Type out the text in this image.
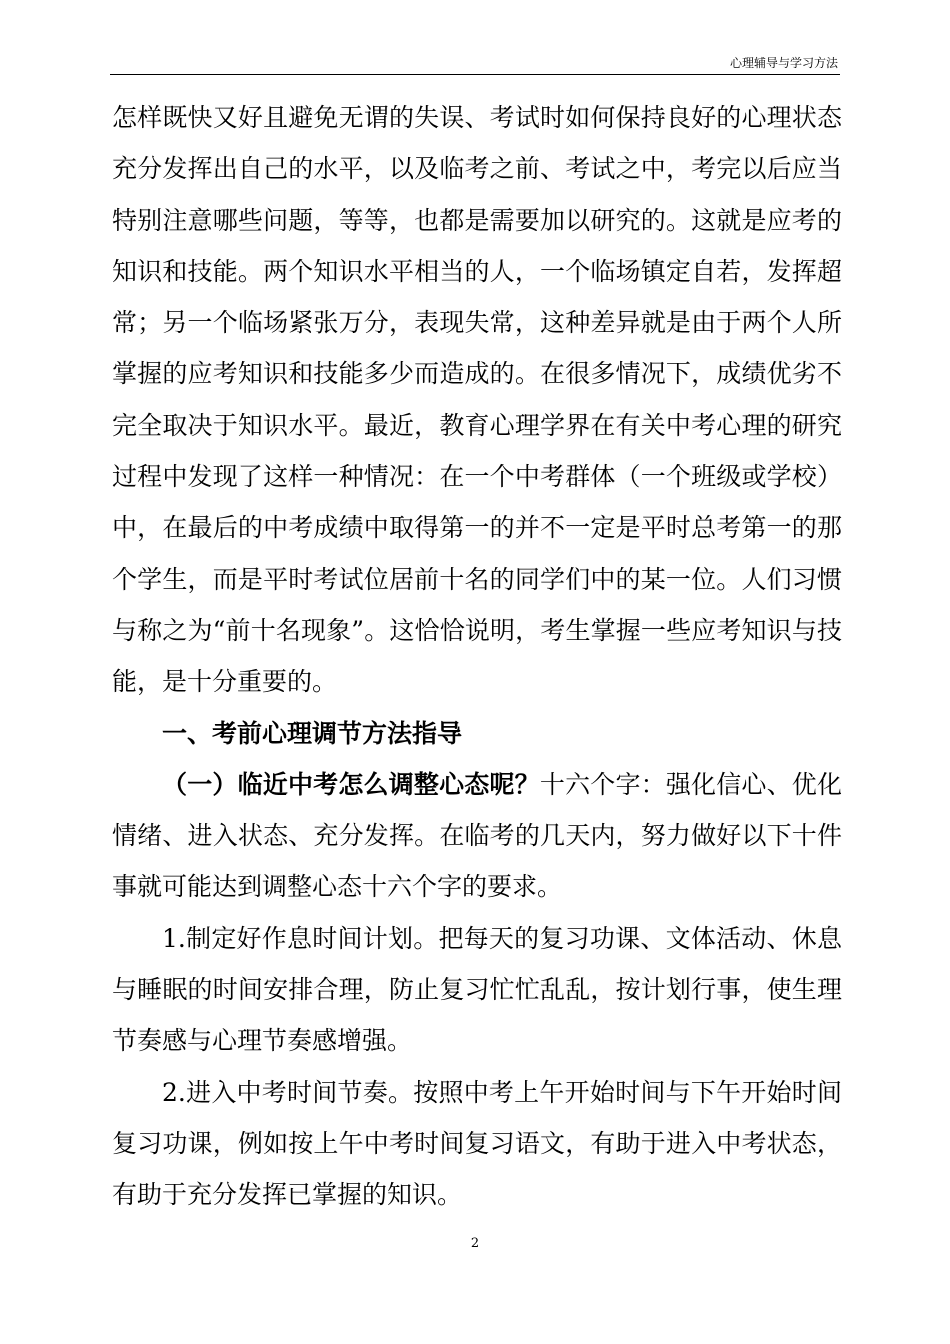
心理辅导与学习方法

怎样既快又好且避免无谓的失误、考试时如何保持良好的心理状态充分发挥出自己的水平，以及临考之前、考试之中，考完以后应当特别注意哪些问题，等等，也都是需要加以研究的。这就是应考的知识和技能。两个知识水平相当的人，一个临场镇定自若，发挥超常；另一个临场紧张万分，表现失常，这种差异就是由于两个人所掌握的应考知识和技能多少而造成的。在很多情况下，成绩优劣不完全取决于知识水平。最近，教育心理学界在有关中考心理的研究过程中发现了这样一种情况：在一个中考群体（一个班级或学校）中，在最后的中考成绩中取得第一的并不一定是平时总考第一的那个学生，而是平时考试位居前十名的同学们中的某一位。人们习惯与称之为“前十名现象”。这恰恰说明，考生掌握一些应考知识与技能，是十分重要的。

一、考前心理调节方法指导

（一）临近中考怎么调整心态呢？十六个字：强化信心、优化情绪、进入状态、充分发挥。在临考的几天内，努力做好以下十件事就可能达到调整心态十六个字的要求。

1.制定好作息时间计划。把每天的复习功课、文体活动、休息与睡眠的时间安排合理，防止复习忙忙乱乱，按计划行事，使生理节奏感与心理节奏感增强。

2.进入中考时间节奏。按照中考上午开始时间与下午开始时间复习功课，例如按上午中考时间复习语文，有助于进入中考状态，有助于充分发挥已掌握的知识。

2
